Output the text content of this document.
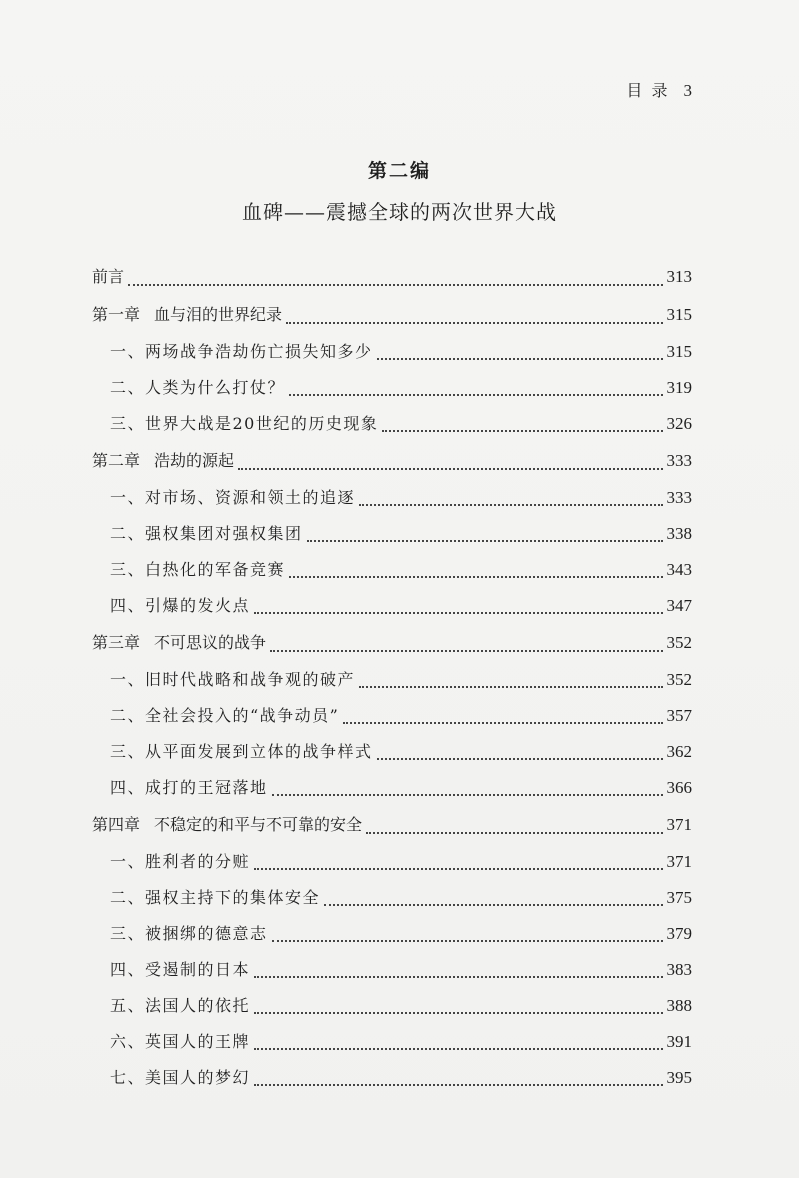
目 录 3
第二编
血碑——震撼全球的两次世界大战
前言	313
第一章 血与泪的世界纪录	315
一、两场战争浩劫伤亡损失知多少	315
二、人类为什么打仗？	319
三、世界大战是20世纪的历史现象	326
第二章 浩劫的源起	333
一、对市场、资源和领土的追逐	333
二、强权集团对强权集团	338
三、白热化的军备竞赛	343
四、引爆的发火点	347
第三章 不可思议的战争	352
一、旧时代战略和战争观的破产	352
二、全社会投入的“战争动员”	357
三、从平面发展到立体的战争样式	362
四、成打的王冠落地	366
第四章 不稳定的和平与不可靠的安全	371
一、胜利者的分赃	371
二、强权主持下的集体安全	375
三、被捆绑的德意志	379
四、受遏制的日本	383
五、法国人的依托	388
六、英国人的王牌	391
七、美国人的梦幻	395
